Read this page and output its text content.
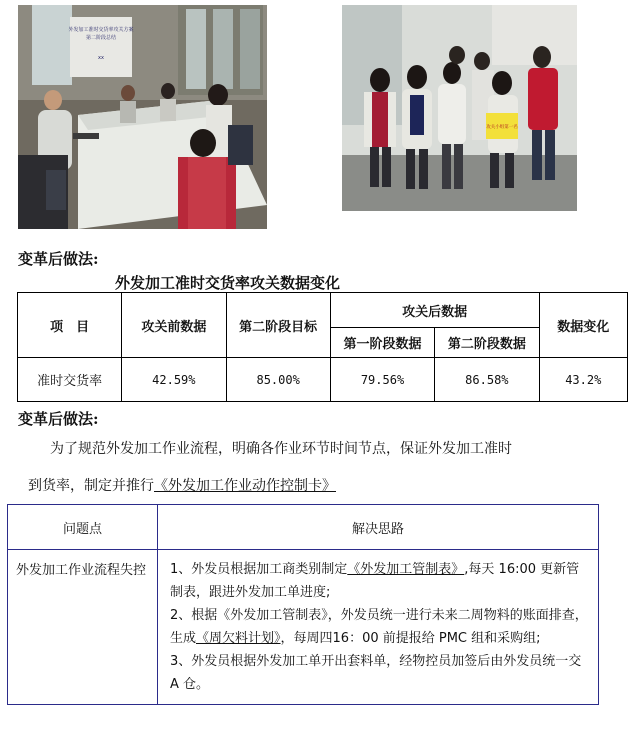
外发加工准时交货率攻关方案
第二阶段总结
xx
攻关小组第一名
变革后做法:
外发加工准时交货率攻关数据变化
项　目	攻关前数据	第二阶段目标	攻关后数据		数据变化
			第一阶段数据	第二阶段数据	
准时交货率	42.59%	85.00%	79.56%	86.58%	43.2%
变革后做法:
为了规范外发加工作业流程，明确各作业环节时间节点，保证外发加工准时
到货率，制定并推行《外发加工作业动作控制卡》
问题点	解决思路
外发加工作业流程失控	1、外发员根据加工商类别制定《外发加工管制表》,每天 16:00 更新管制表，跟进外发加工单进度;
2、根据《外发加工管制表》，外发员统一进行未来二周物料的账面排查，生成《周欠料计划》，每周四16：00 前提报给 PMC 组和采购组;
3、外发员根据外发加工单开出套料单，经物控员加签后由外发员统一交 A 仓。
